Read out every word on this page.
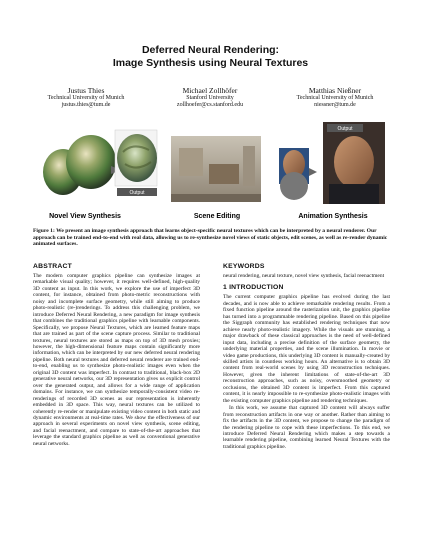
Deferred Neural Rendering:
Image Synthesis using Neural Textures
Justus Thies
Technical University of Munich
justus.thies@tum.de
Michael Zollhöfer
Stanford University
zollhoefer@cs.stanford.edu
Matthias Nießner
Technical University of Munich
niessner@tum.de
Output
Novel View Synthesis	Scene Editing
Output
Animation Synthesis

Figure 1: We present an image synthesis approach that learns object-specific neural textures which can be interpreted by a neural renderer. Our approach can be trained end-to-end with real data, allowing us to re-synthesize novel views of static objects, edit scenes, as well as re-render dynamic animated surfaces.

ABSTRACT

The modern computer graphics pipeline can synthesize images at remarkable visual quality; however, it requires well-defined, high-quality 3D content as input. In this work, we explore the use of imperfect 3D content, for instance, obtained from photo-metric reconstructions with noisy and incomplete surface geometry, while still aiming to produce photo-realistic (re-)renderings. To address this challenging problem, we introduce Deferred Neural Rendering, a new paradigm for image synthesis that combines the traditional graphics pipeline with learnable components. Specifically, we propose Neural Textures, which are learned feature maps that are trained as part of the scene capture process. Similar to traditional textures, neural textures are stored as maps on top of 3D mesh proxies; however, the high-dimensional feature maps contain significantly more information, which can be interpreted by our new deferred neural rendering pipeline. Both neural textures and deferred neural renderer are trained end-to-end, enabling us to synthesize photo-realistic images even when the original 3D content was imperfect. In contrast to traditional, black-box 2D generative neural networks, our 3D representation gives us explicit control over the generated output, and allows for a wide range of application domains. For instance, we can synthesize temporally-consistent video re-renderings of recorded 3D scenes as our representation is inherently embedded in 3D space. This way, neural textures can be utilized to coherently re-render or manipulate existing video content in both static and dynamic environments at real-time rates. We show the effectiveness of our approach in several experiments on novel view synthesis, scene editing, and facial reenactment, and compare to state-of-the-art approaches that leverage the standard graphics pipeline as well as conventional generative neural networks.

KEYWORDS

neural rendering, neural texture, novel view synthesis, facial reenactment

1 INTRODUCTION

The current computer graphics pipeline has evolved during the last decades, and is now able to achieve remarkable rendering results. From a fixed function pipeline around the rasterization unit, the graphics pipeline has turned into a programmable rendering pipeline. Based on this pipeline the Siggraph community has established rendering techniques that now achieve nearly photo-realistic imagery. While the visuals are stunning, a major drawback of these classical approaches is the need of well-defined input data, including a precise definition of the surface geometry, the underlying material properties, and the scene illumination. In movie or video game productions, this underlying 3D content is manually-created by skilled artists in countless working hours. An alternative is to obtain 3D content from real-world scenes by using 3D reconstruction techniques. However, given the inherent limitations of state-of-the-art 3D reconstruction approaches, such as noisy, oversmoothed geometry or occlusions, the obtained 3D content is imperfect. From this captured content, it is nearly impossible to re-synthesize photo-realistic images with the existing computer graphics pipeline and rendering techniques.

In this work, we assume that captured 3D content will always suffer from reconstruction artifacts in one way or another. Rather than aiming to fix the artifacts in the 3D content, we propose to change the paradigm of the rendering pipeline to cope with these imperfections. To this end, we introduce Deferred Neural Rendering which makes a step towards a learnable rendering pipeline, combining learned Neural Textures with the traditional graphics pipeline.
